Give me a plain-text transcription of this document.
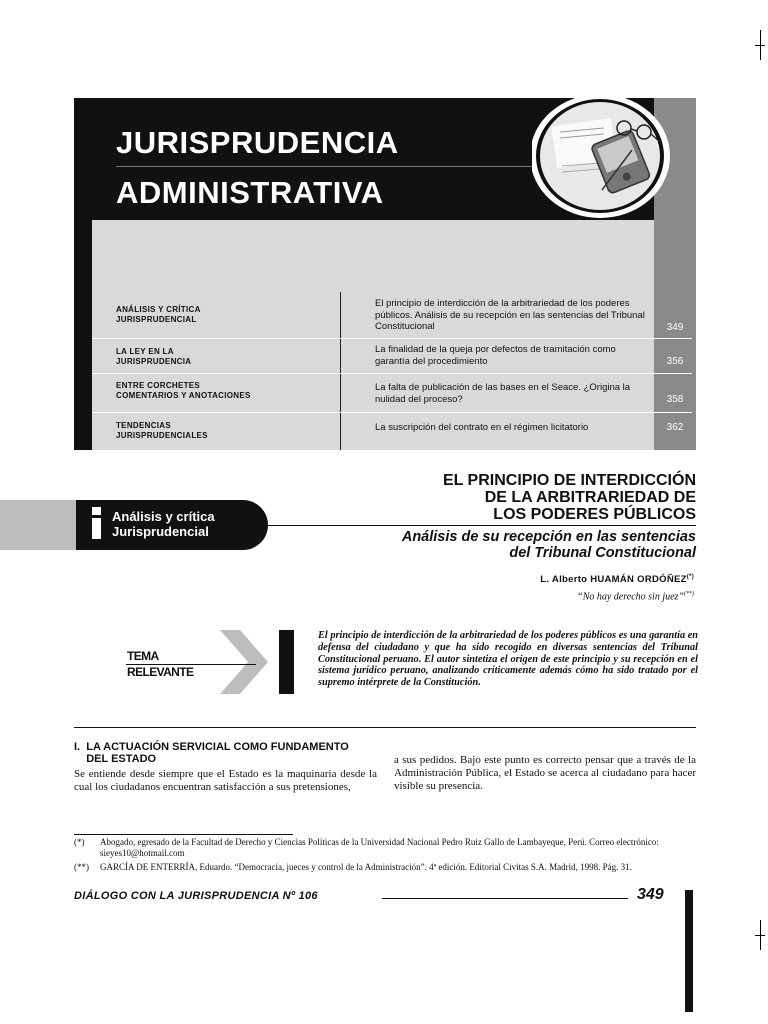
JURISPRUDENCIA
ADMINISTRATIVA
ANÁLISIS Y CRÍTICA
JURISPRUDENCIAL
El principio de interdicción de la arbitrariedad de los poderes públicos. Análisis de su recepción en las sentencias del Tribunal Constitucional	349
LA LEY EN LA
JURISPRUDENCIA
La finalidad de la queja por defectos de tramitación como garantía del procedimiento	356
ENTRE CORCHETES
COMENTARIOS Y ANOTACIONES
La falta de publicación de las bases en el Seace. ¿Origina la nulidad del proceso?	358
TENDENCIAS
JURISPRUDENCIALES
La suscripción del contrato en el régimen licitatorio	362
Análisis y crítica
Jurisprudencial
EL PRINCIPIO DE INTERDICCIÓN
DE LA ARBITRARIEDAD DE
LOS PODERES PÚBLICOS
Análisis de su recepción en las sentencias
del Tribunal Constitucional
L. Alberto HUAMÁN ORDÓÑEZ(*)
“No hay derecho sin juez”(**)
TEMA
RELEVANTE
El principio de interdicción de la arbitrariedad de los poderes públicos es una garantía en defensa del ciudadano y que ha sido recogido en diversas sentencias del Tribunal Constitucional peruano. El autor sintetiza el origen de este principio y su recepción en el sistema jurídico peruano, analizando críticamente además cómo ha sido tratado por el supremo intérprete de la Constitución.
I.  LA ACTUACIÓN SERVICIAL COMO FUNDAMENTO
DEL ESTADO
Se entiende desde siempre que el Estado es la maquinaria desde la cual los ciudadanos encuentran satisfacción a sus pretensiones,
a sus pedidos. Bajo este punto es correcto pensar que a través de la Administración Pública, el Estado se acerca al ciudadano para hacer visible su presencia.
(*) Abogado, egresado de la Facultad de Derecho y Ciencias Políticas de la Universidad Nacional Pedro Ruiz Gallo de Lambayeque, Perú. Correo electrónico: sieyes10@hotmail.com
(**) GARCÍA DE ENTERRÍA, Eduardo. “Democracia, jueces y control de la Administración”. 4ª edición. Editorial Civitas S.A. Madrid, 1998. Pág. 31.
DIÁLOGO CON LA JURISPRUDENCIA Nº 106	349
